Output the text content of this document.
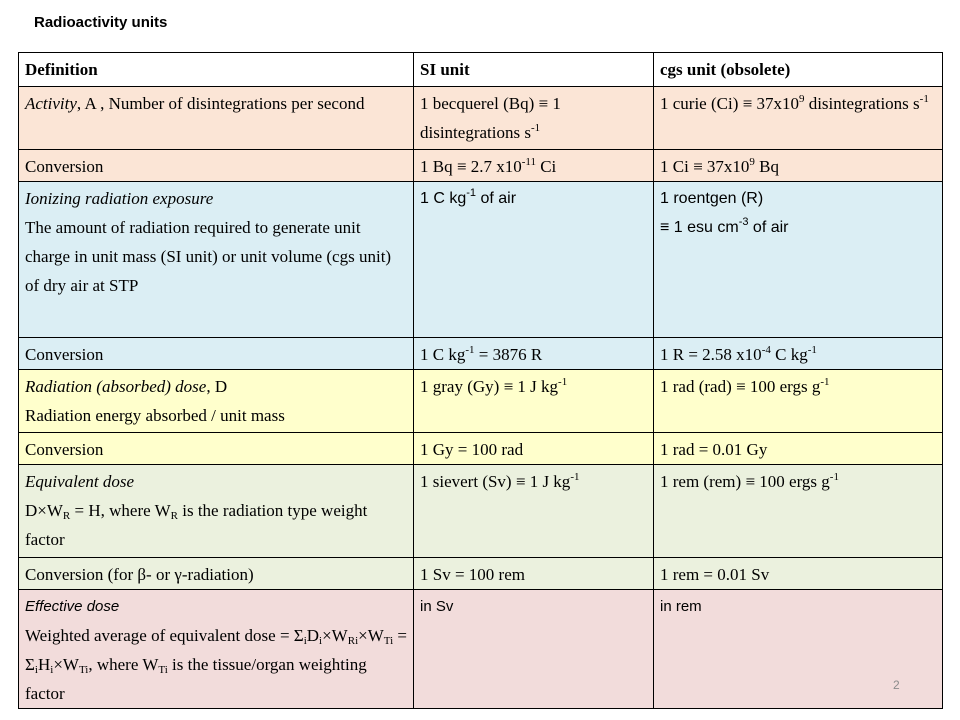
Radioactivity units
Definition	SI unit	cgs unit (obsolete)
Activity, A , Number of disintegrations per second	1 becquerel (Bq) ≡ 1 disintegrations $s^{-1}$	1 curie $(Ci) \equiv 37x10^9$ disintegrations $s^{-1}$
Conversion	1 Bq ≡ 2.7 $x10^{-11}$ Ci	1 $Ci \equiv 37x10^9$ Bq

Ionizing radiation exposure
The amount of radiation required to generate unit charge in unit mass (SI unit) or unit volume (cgs unit) of dry air at STP	1 C $kg^{-1}$ of air	1 roentgen (R)
≡ 1 esu $cm^{-3}$ of air
Conversion	1 C $kg^{-1} = 3876$ R	1 R = 2.58 $x10^{-4}$ C $kg^{-1}$
Radiation (absorbed) dose, D
Radiation energy absorbed / unit mass	1 gray (Gy) ≡ 1 J $kg^{-1}$	1 rad (rad) ≡ 100 ergs $g^{-1}$
Conversion	1 Gy = 100 rad	1 rad = 0.01 Gy

Equivalent dose
$D\times W_R = H$, where $W_R$ is the radiation type weight factor	1 sievert (Sv) ≡ 1 J $kg^{-1}$	1 rem (rem) ≡ 100 ergs $g^{-1}$
Conversion (for β- or γ-radiation)	1 Sv = 100 rem	1 rem = 0.01 Sv

Effective dose
Weighted average of equivalent dose = $\Sigma_iD_i\times W_{Ri}\times W_{Ti} = \Sigma_iH_i\times W_{Ti}$, where $W_{Ti}$ is the tissue/organ weighting factor	in Sv	in rem
2
